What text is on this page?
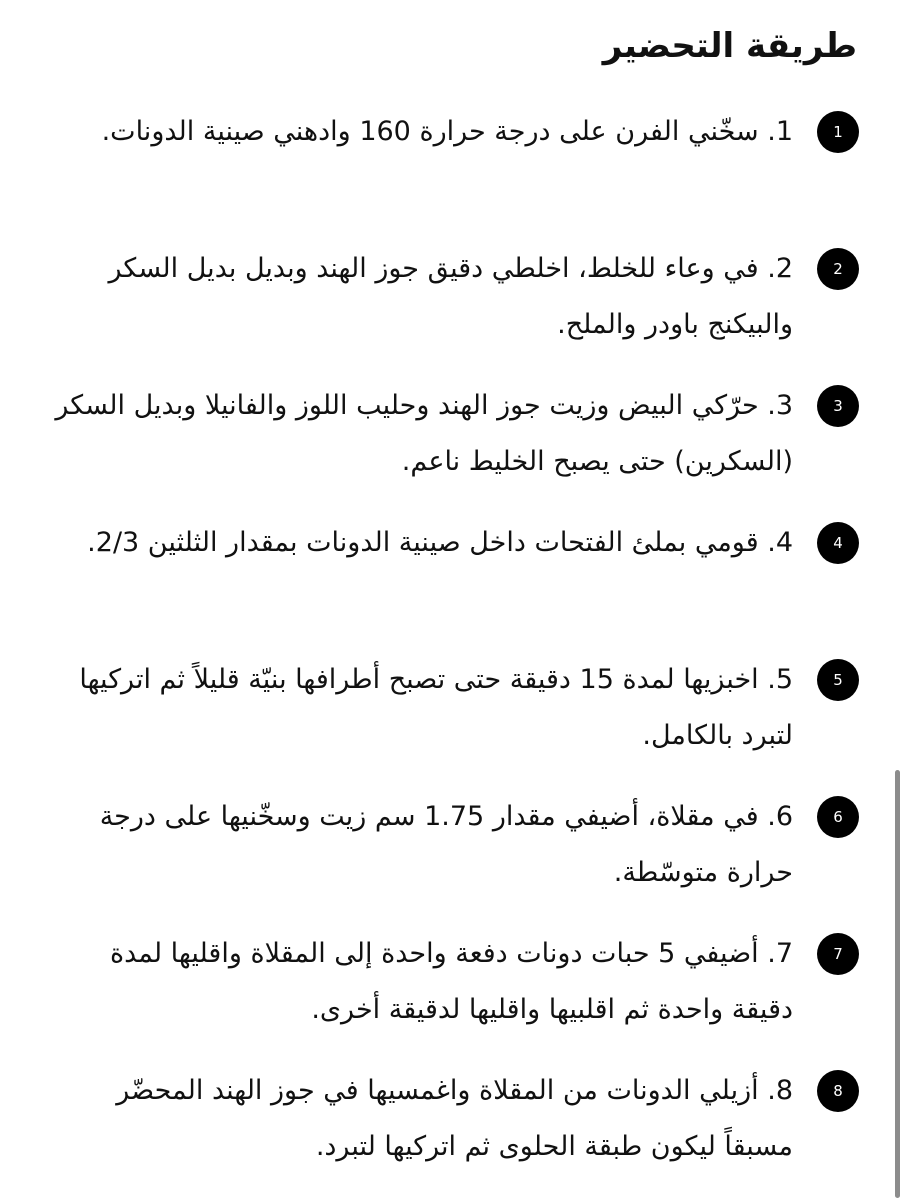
طريقة التحضير
1

1. سخّني الفرن على درجة حرارة 160 وادهني صينية الدونات.

2

2. في وعاء للخلط، اخلطي دقيق جوز الهند وبديل بديل السكر والبيكنج باودر والملح.

3

3. حرّكي البيض وزيت جوز الهند وحليب اللوز والفانيلا وبديل السكر (السكرين) حتى يصبح الخليط ناعم.

4

4. قومي بملئ الفتحات داخل صينية الدونات بمقدار الثلثين 2/3.

5

5. اخبزيها لمدة 15 دقيقة حتى تصبح أطرافها بنيّة قليلاً ثم اتركيها لتبرد بالكامل.

6

6. في مقلاة، أضيفي مقدار 1.75 سم زيت وسخّنيها على درجة حرارة متوسّطة.

7

7. أضيفي 5 حبات دونات دفعة واحدة إلى المقلاة واقليها لمدة دقيقة واحدة ثم اقلبيها واقليها لدقيقة أخرى.

8

8. أزيلي الدونات من المقلاة واغمسيها في جوز الهند المحضّر مسبقاً ليكون طبقة الحلوى ثم اتركيها لتبرد.
